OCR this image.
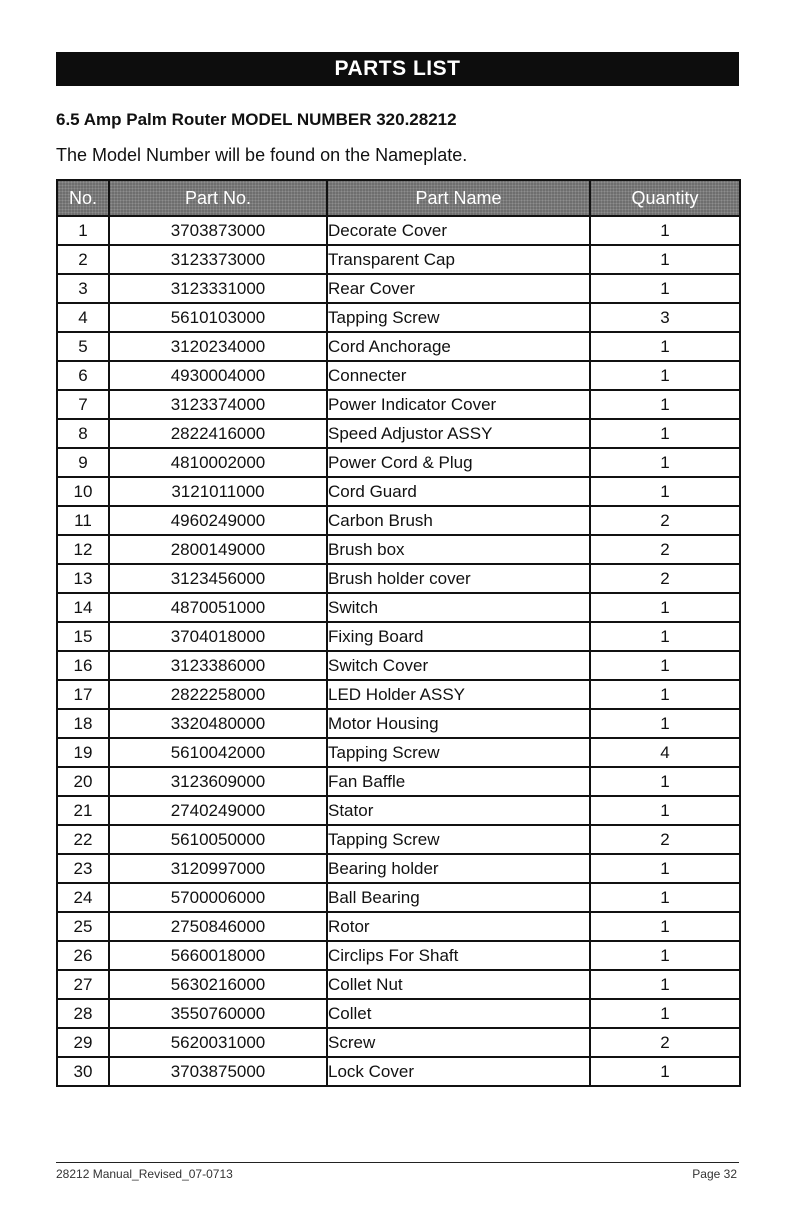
PARTS LIST
6.5 Amp Palm Router MODEL NUMBER 320.28212
The Model Number will be found on the Nameplate.
No.	Part No.	Part Name	Quantity
1	3703873000	Decorate Cover	1
2	3123373000	Transparent Cap	1
3	3123331000	Rear Cover	1
4	5610103000	Tapping Screw	3
5	3120234000	Cord Anchorage	1
6	4930004000	Connecter	1
7	3123374000	Power Indicator Cover	1
8	2822416000	Speed Adjustor ASSY	1
9	4810002000	Power Cord & Plug	1
10	3121011000	Cord Guard	1
11	4960249000	Carbon Brush	2
12	2800149000	Brush box	2
13	3123456000	Brush holder cover	2
14	4870051000	Switch	1
15	3704018000	Fixing Board	1
16	3123386000	Switch Cover	1
17	2822258000	LED Holder ASSY	1
18	3320480000	Motor Housing	1
19	5610042000	Tapping Screw	4
20	3123609000	Fan Baffle	1
21	2740249000	Stator	1
22	5610050000	Tapping Screw	2
23	3120997000	Bearing holder	1
24	5700006000	Ball Bearing	1
25	2750846000	Rotor	1
26	5660018000	Circlips For Shaft	1
27	5630216000	Collet Nut	1
28	3550760000	Collet	1
29	5620031000	Screw	2
30	3703875000	Lock Cover	1
28212 Manual_Revised_07-0713	Page 32
